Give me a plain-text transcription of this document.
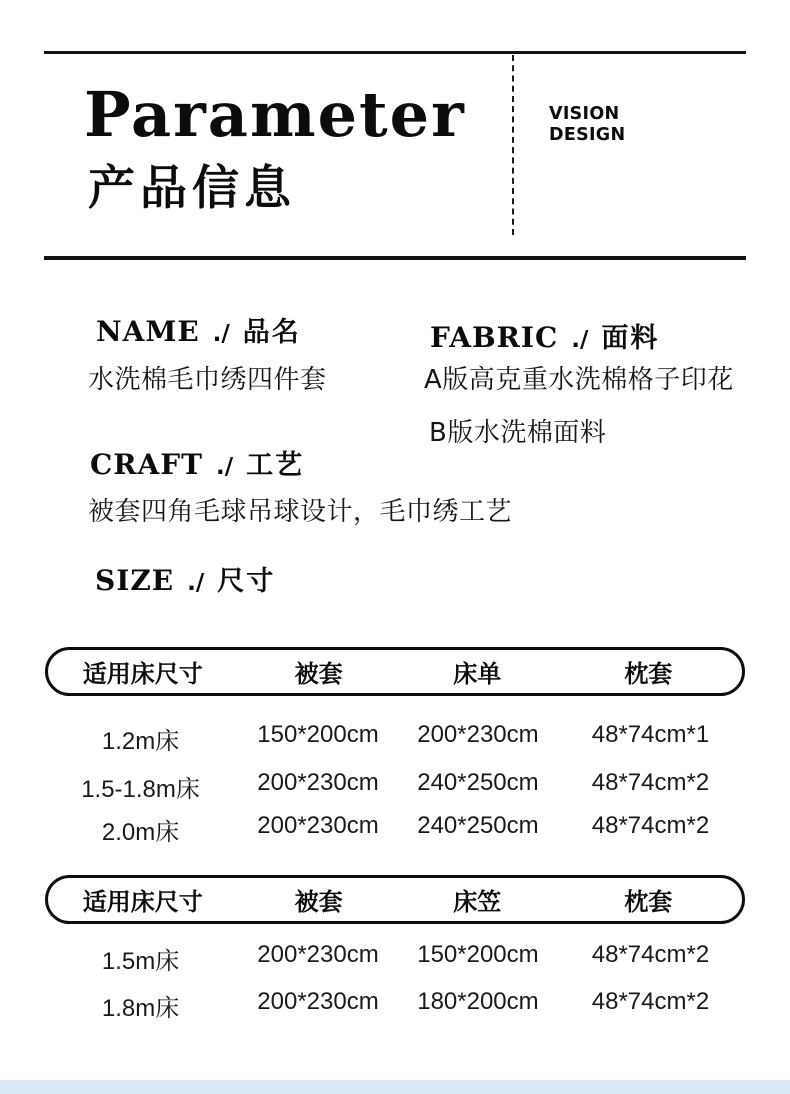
Parameter
产品信息
VISION
DESIGN
NAME ./ 品名
水洗棉毛巾绣四件套
FABRIC ./ 面料
A版高克重水洗棉格子印花
B版水洗棉面料
CRAFT ./ 工艺
被套四角毛球吊球设计，毛巾绣工艺
SIZE ./ 尺寸
适用床尺寸	被套	床单	枕套
1.2m床	150*200cm	200*230cm	48*74cm*1
1.5-1.8m床	200*230cm	240*250cm	48*74cm*2
2.0m床	200*230cm	240*250cm	48*74cm*2
适用床尺寸	被套	床笠	枕套
1.5m床	200*230cm	150*200cm	48*74cm*2
1.8m床	200*230cm	180*200cm	48*74cm*2
